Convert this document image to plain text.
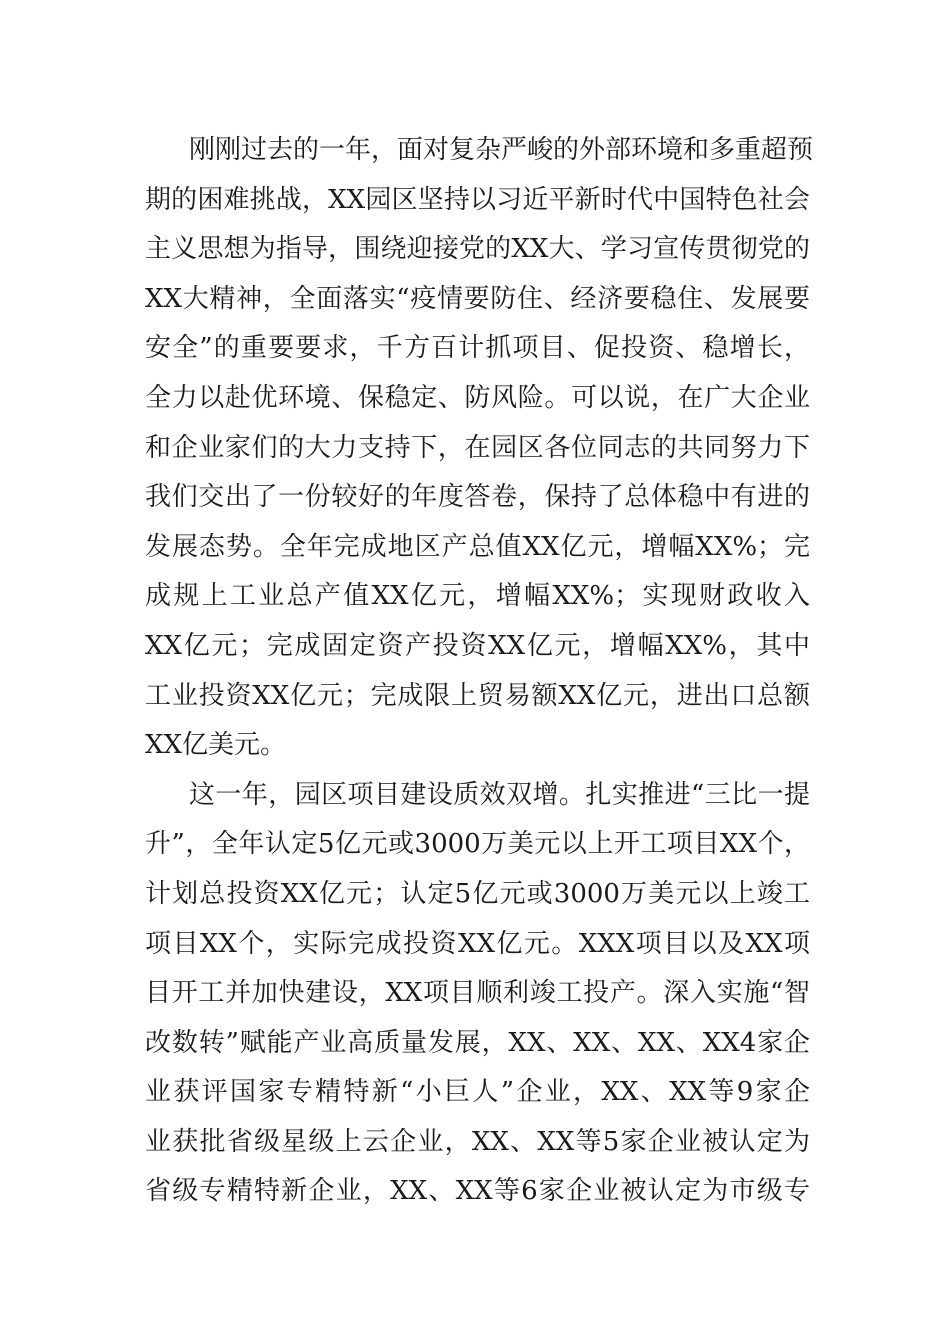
刚刚过去的一年，面对复杂严峻的外部环境和多重超预
期的困难挑战，XX园区坚持以习近平新时代中国特色社会
主义思想为指导，围绕迎接党的XX大、学习宣传贯彻党的
XX大精神，全面落实“疫情要防住、经济要稳住、发展要
安全”的重要要求，千方百计抓项目、促投资、稳增长，
全力以赴优环境、保稳定、防风险。可以说，在广大企业
和企业家们的大力支持下，在园区各位同志的共同努力下
我们交出了一份较好的年度答卷，保持了总体稳中有进的
发展态势。全年完成地区产总值XX亿元，增幅XX%；完
成规上工业总产值XX亿元，增幅XX%；实现财政收入
XX亿元；完成固定资产投资XX亿元，增幅XX%，其中
工业投资XX亿元；完成限上贸易额XX亿元，进出口总额
XX亿美元。
这一年，园区项目建设质效双增。扎实推进“三比一提
升”，全年认定5亿元或3000万美元以上开工项目XX个，
计划总投资XX亿元；认定5亿元或3000万美元以上竣工
项目XX个，实际完成投资XX亿元。XXX项目以及XX项
目开工并加快建设，XX项目顺利竣工投产。深入实施“智
改数转”赋能产业高质量发展，XX、XX、XX、XX4家企
业获评国家专精特新“小巨人”企业，XX、XX等9家企
业获批省级星级上云企业，XX、XX等5家企业被认定为
省级专精特新企业，XX、XX等6家企业被认定为市级专
